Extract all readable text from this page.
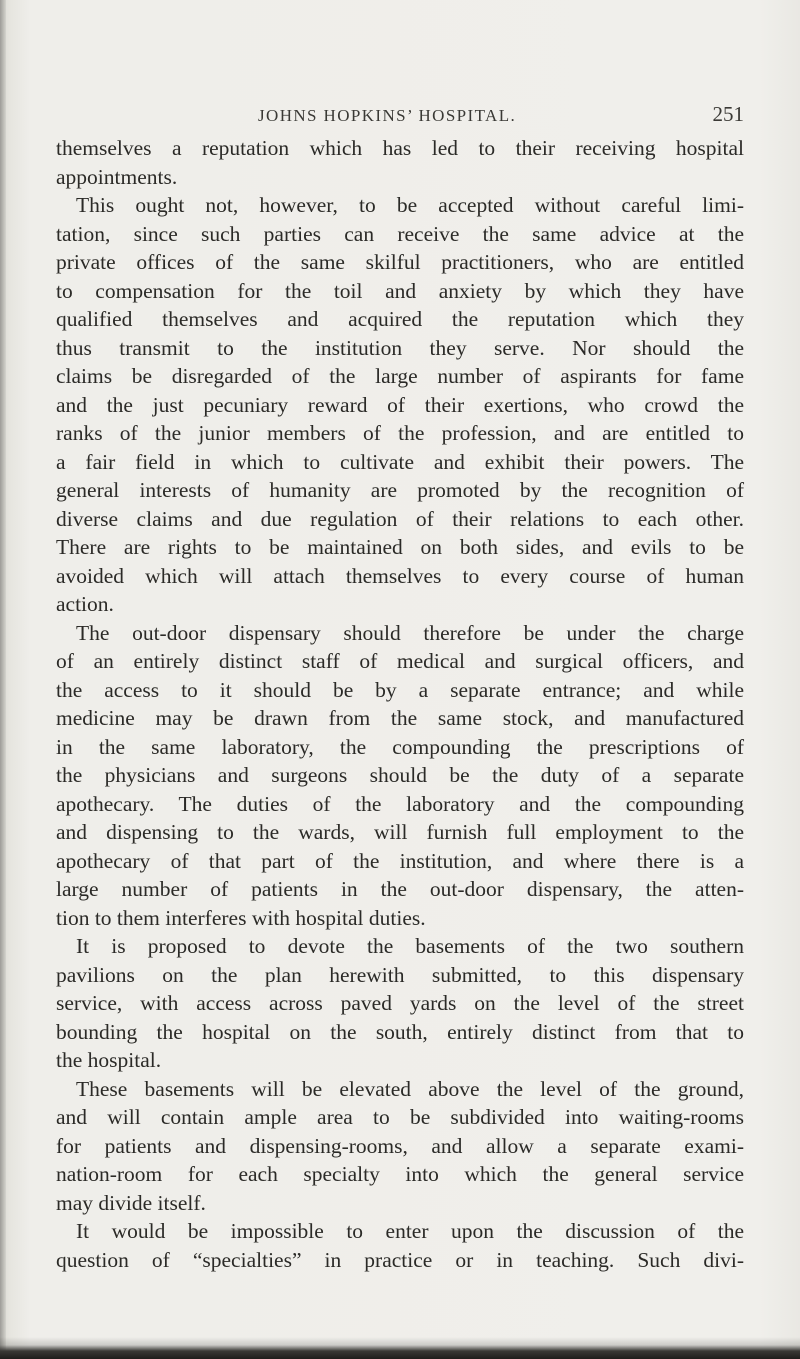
JOHNS HOPKINS’ HOSPITAL.	251
themselves a reputation which has led to their receiving hospital
appointments.
This ought not, however, to be accepted without careful limi-
tation, since such parties can receive the same advice at the
private offices of the same skilful practitioners, who are entitled
to compensation for the toil and anxiety by which they have
qualified themselves and acquired the reputation which they
thus transmit to the institution they serve. Nor should the
claims be disregarded of the large number of aspirants for fame
and the just pecuniary reward of their exertions, who crowd the
ranks of the junior members of the profession, and are entitled to
a fair field in which to cultivate and exhibit their powers. The
general interests of humanity are promoted by the recognition of
diverse claims and due regulation of their relations to each other.
There are rights to be maintained on both sides, and evils to be
avoided which will attach themselves to every course of human
action.
The out-door dispensary should therefore be under the charge
of an entirely distinct staff of medical and surgical officers, and
the access to it should be by a separate entrance; and while
medicine may be drawn from the same stock, and manufactured
in the same laboratory, the compounding the prescriptions of
the physicians and surgeons should be the duty of a separate
apothecary. The duties of the laboratory and the compounding
and dispensing to the wards, will furnish full employment to the
apothecary of that part of the institution, and where there is a
large number of patients in the out-door dispensary, the atten-
tion to them interferes with hospital duties.
It is proposed to devote the basements of the two southern
pavilions on the plan herewith submitted, to this dispensary
service, with access across paved yards on the level of the street
bounding the hospital on the south, entirely distinct from that to
the hospital.
These basements will be elevated above the level of the ground,
and will contain ample area to be subdivided into waiting-rooms
for patients and dispensing-rooms, and allow a separate exami-
nation-room for each specialty into which the general service
may divide itself.
It would be impossible to enter upon the discussion of the
question of “specialties” in practice or in teaching. Such divi-
